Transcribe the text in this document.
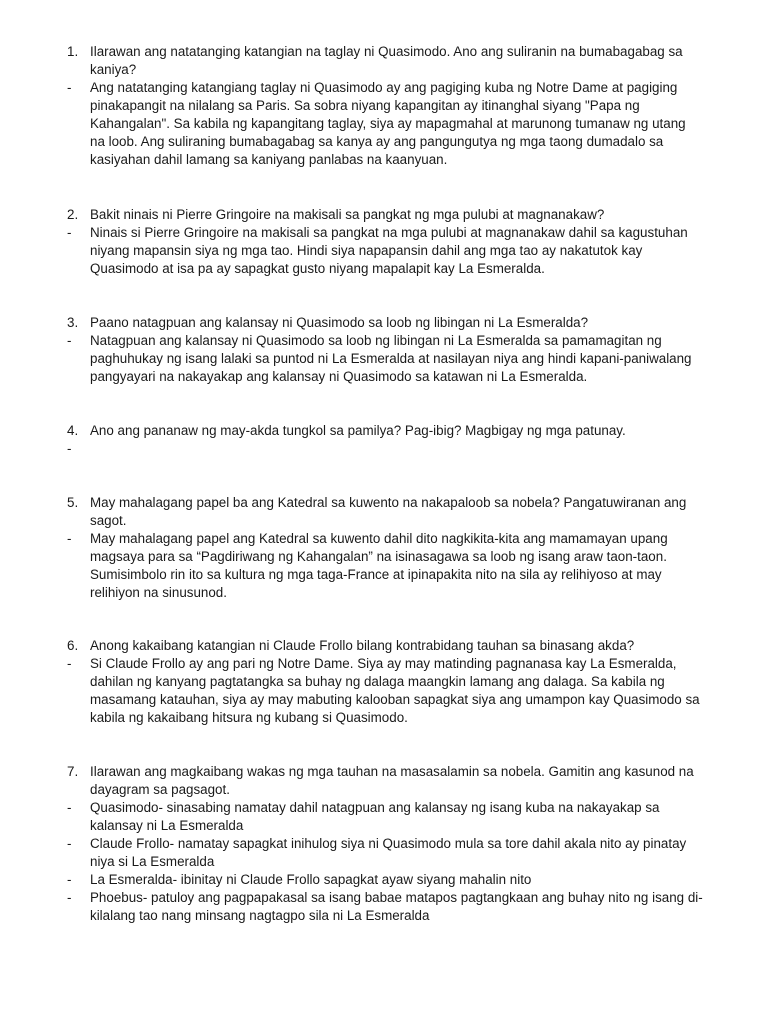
1. Ilarawan ang natatanging katangian na taglay ni Quasimodo. Ano ang suliranin na bumabagabag sa
kaniya?
- Ang natatanging katangiang taglay ni Quasimodo ay ang pagiging kuba ng Notre Dame at pagiging
pinakapangit na nilalang sa Paris. Sa sobra niyang kapangitan ay itinanghal siyang "Papa ng
Kahangalan". Sa kabila ng kapangitang taglay, siya ay mapagmahal at marunong tumanaw ng utang
na loob. Ang suliraning bumabagabag sa kanya ay ang pangungutya ng mga taong dumadalo sa
kasiyahan dahil lamang sa kaniyang panlabas na kaanyuan.
2. Bakit ninais ni Pierre Gringoire na makisali sa pangkat ng mga pulubi at magnanakaw?
- Ninais si Pierre Gringoire na makisali sa pangkat na mga pulubi at magnanakaw dahil sa kagustuhan
niyang mapansin siya ng mga tao. Hindi siya napapansin dahil ang mga tao ay nakatutok kay
Quasimodo at isa pa ay sapagkat gusto niyang mapalapit kay La Esmeralda.
3. Paano natagpuan ang kalansay ni Quasimodo sa loob ng libingan ni La Esmeralda?
- Natagpuan ang kalansay ni Quasimodo sa loob ng libingan ni La Esmeralda sa pamamagitan ng
paghuhukay ng isang lalaki sa puntod ni La Esmeralda at nasilayan niya ang hindi kapani-paniwalang
pangyayari na nakayakap ang kalansay ni Quasimodo sa katawan ni La Esmeralda.
4. Ano ang pananaw ng may-akda tungkol sa pamilya? Pag-ibig? Magbigay ng mga patunay.
-
5. May mahalagang papel ba ang Katedral sa kuwento na nakapaloob sa nobela? Pangatuwiranan ang
sagot.
- May mahalagang papel ang Katedral sa kuwento dahil dito nagkikita-kita ang mamamayan upang
magsaya para sa “Pagdiriwang ng Kahangalan” na isinasagawa sa loob ng isang araw taon-taon.
Sumisimbolo rin ito sa kultura ng mga taga-France at ipinapakita nito na sila ay relihiyoso at may
relihiyon na sinusunod.
6. Anong kakaibang katangian ni Claude Frollo bilang kontrabidang tauhan sa binasang akda?
- Si Claude Frollo ay ang pari ng Notre Dame. Siya ay may matinding pagnanasa kay La Esmeralda,
dahilan ng kanyang pagtatangka sa buhay ng dalaga maangkin lamang ang dalaga. Sa kabila ng
masamang katauhan, siya ay may mabuting kalooban sapagkat siya ang umampon kay Quasimodo sa
kabila ng kakaibang hitsura ng kubang si Quasimodo.
7. Ilarawan ang magkaibang wakas ng mga tauhan na masasalamin sa nobela. Gamitin ang kasunod na
dayagram sa pagsagot.
- Quasimodo- sinasabing namatay dahil natagpuan ang kalansay ng isang kuba na nakayakap sa
kalansay ni La Esmeralda
- Claude Frollo- namatay sapagkat inihulog siya ni Quasimodo mula sa tore dahil akala nito ay pinatay
niya si La Esmeralda
- La Esmeralda- ibinitay ni Claude Frollo sapagkat ayaw siyang mahalin nito
- Phoebus- patuloy ang pagpapakasal sa isang babae matapos pagtangkaan ang buhay nito ng isang di-
kilalang tao nang minsang nagtagpo sila ni La Esmeralda
